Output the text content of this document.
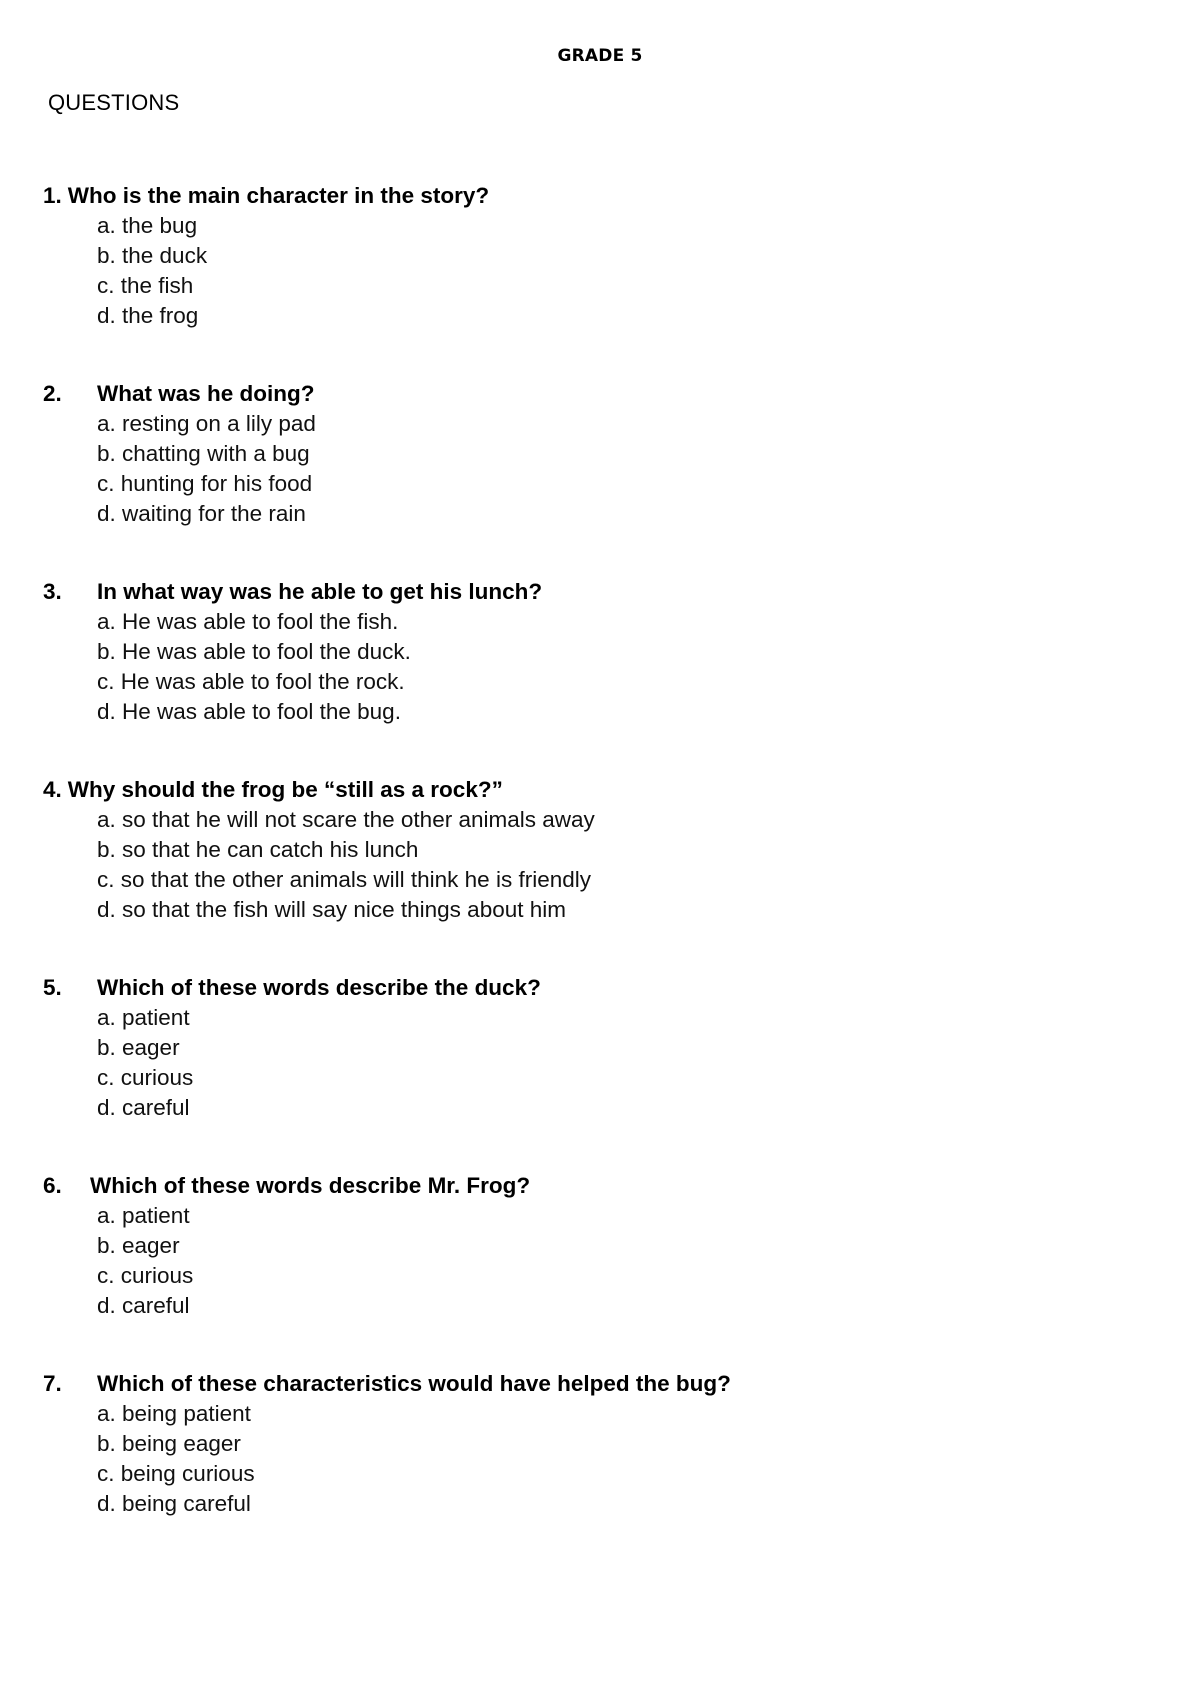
GRADE 5
QUESTIONS
1. Who is the main character in the story?
a. the bug
b. the duck
c. the fish
d. the frog
2. What was he doing?
a. resting on a lily pad
b. chatting with a bug
c. hunting for his food
d. waiting for the rain
3. In what way was he able to get his lunch?
a. He was able to fool the fish.
b. He was able to fool the duck.
c. He was able to fool the rock.
d. He was able to fool the bug.
4. Why should the frog be “still as a rock?”
a. so that he will not scare the other animals away
b. so that he can catch his lunch
c. so that the other animals will think he is friendly
d. so that the fish will say nice things about him
5. Which of these words describe the duck?
a. patient
b. eager
c. curious
d. careful
6. Which of these words describe Mr. Frog?
a. patient
b. eager
c. curious
d. careful
7. Which of these characteristics would have helped the bug?
a. being patient
b. being eager
c. being curious
d. being careful
